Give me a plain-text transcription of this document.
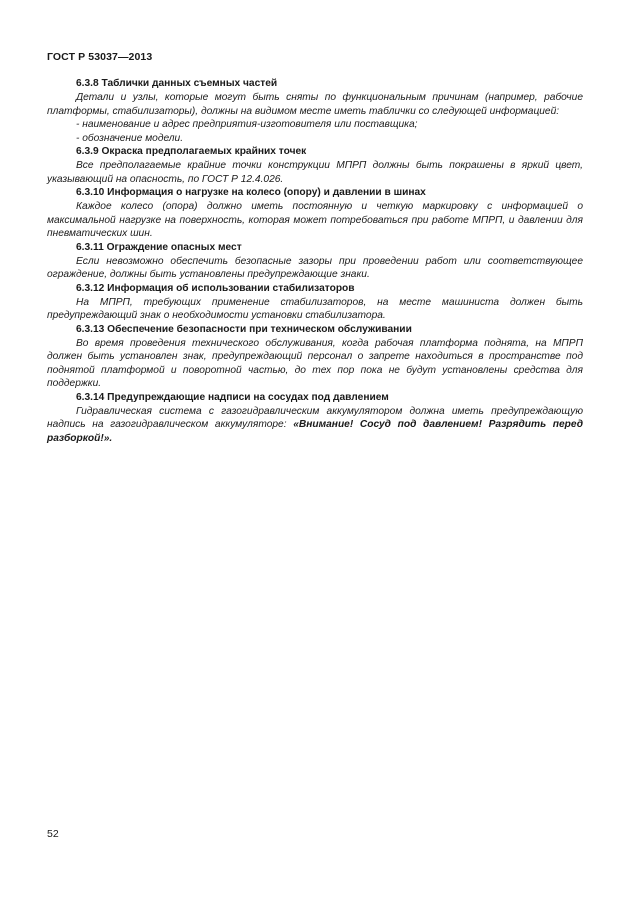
ГОСТ Р 53037—2013

6.3.8 Таблички данных съемных частей

Детали и узлы, которые могут быть сняты по функциональным причинам (например, рабочие платформы, стабилизаторы), должны на видимом месте иметь таблички со следующей информацией:

- наименование и адрес предприятия-изготовителя или поставщика;

- обозначение модели.

6.3.9 Окраска предполагаемых крайних точек

Все предполагаемые крайние точки конструкции МПРП должны быть покрашены в яркий цвет, указывающий на опасность, по ГОСТ Р 12.4.026.

6.3.10 Информация о нагрузке на колесо (опору) и давлении в шинах

Каждое колесо (опора) должно иметь постоянную и четкую маркировку с информацией о максимальной нагрузке на поверхность, которая может потребоваться при работе МПРП, и давлении для пневматических шин.

6.3.11 Ограждение опасных мест

Если невозможно обеспечить безопасные зазоры при проведении работ или соответствующее ограждение, должны быть установлены предупреждающие знаки.

6.3.12 Информация об использовании стабилизаторов

На МПРП, требующих применение стабилизаторов, на месте машиниста должен быть предупреждающий знак о необходимости установки стабилизатора.

6.3.13 Обеспечение безопасности при техническом обслуживании

Во время проведения технического обслуживания, когда рабочая платформа поднята, на МПРП должен быть установлен знак, предупреждающий персонал о запрете находиться в пространстве под поднятой платформой и поворотной частью, до тех пор пока не будут установлены средства для поддержки.

6.3.14 Предупреждающие надписи на сосудах под давлением

Гидравлическая система с газогидравлическим аккумулятором должна иметь предупреждающую надпись на газогидравлическом аккумуляторе: «Внимание! Сосуд под давлением! Разрядить перед разборкой!».

52
